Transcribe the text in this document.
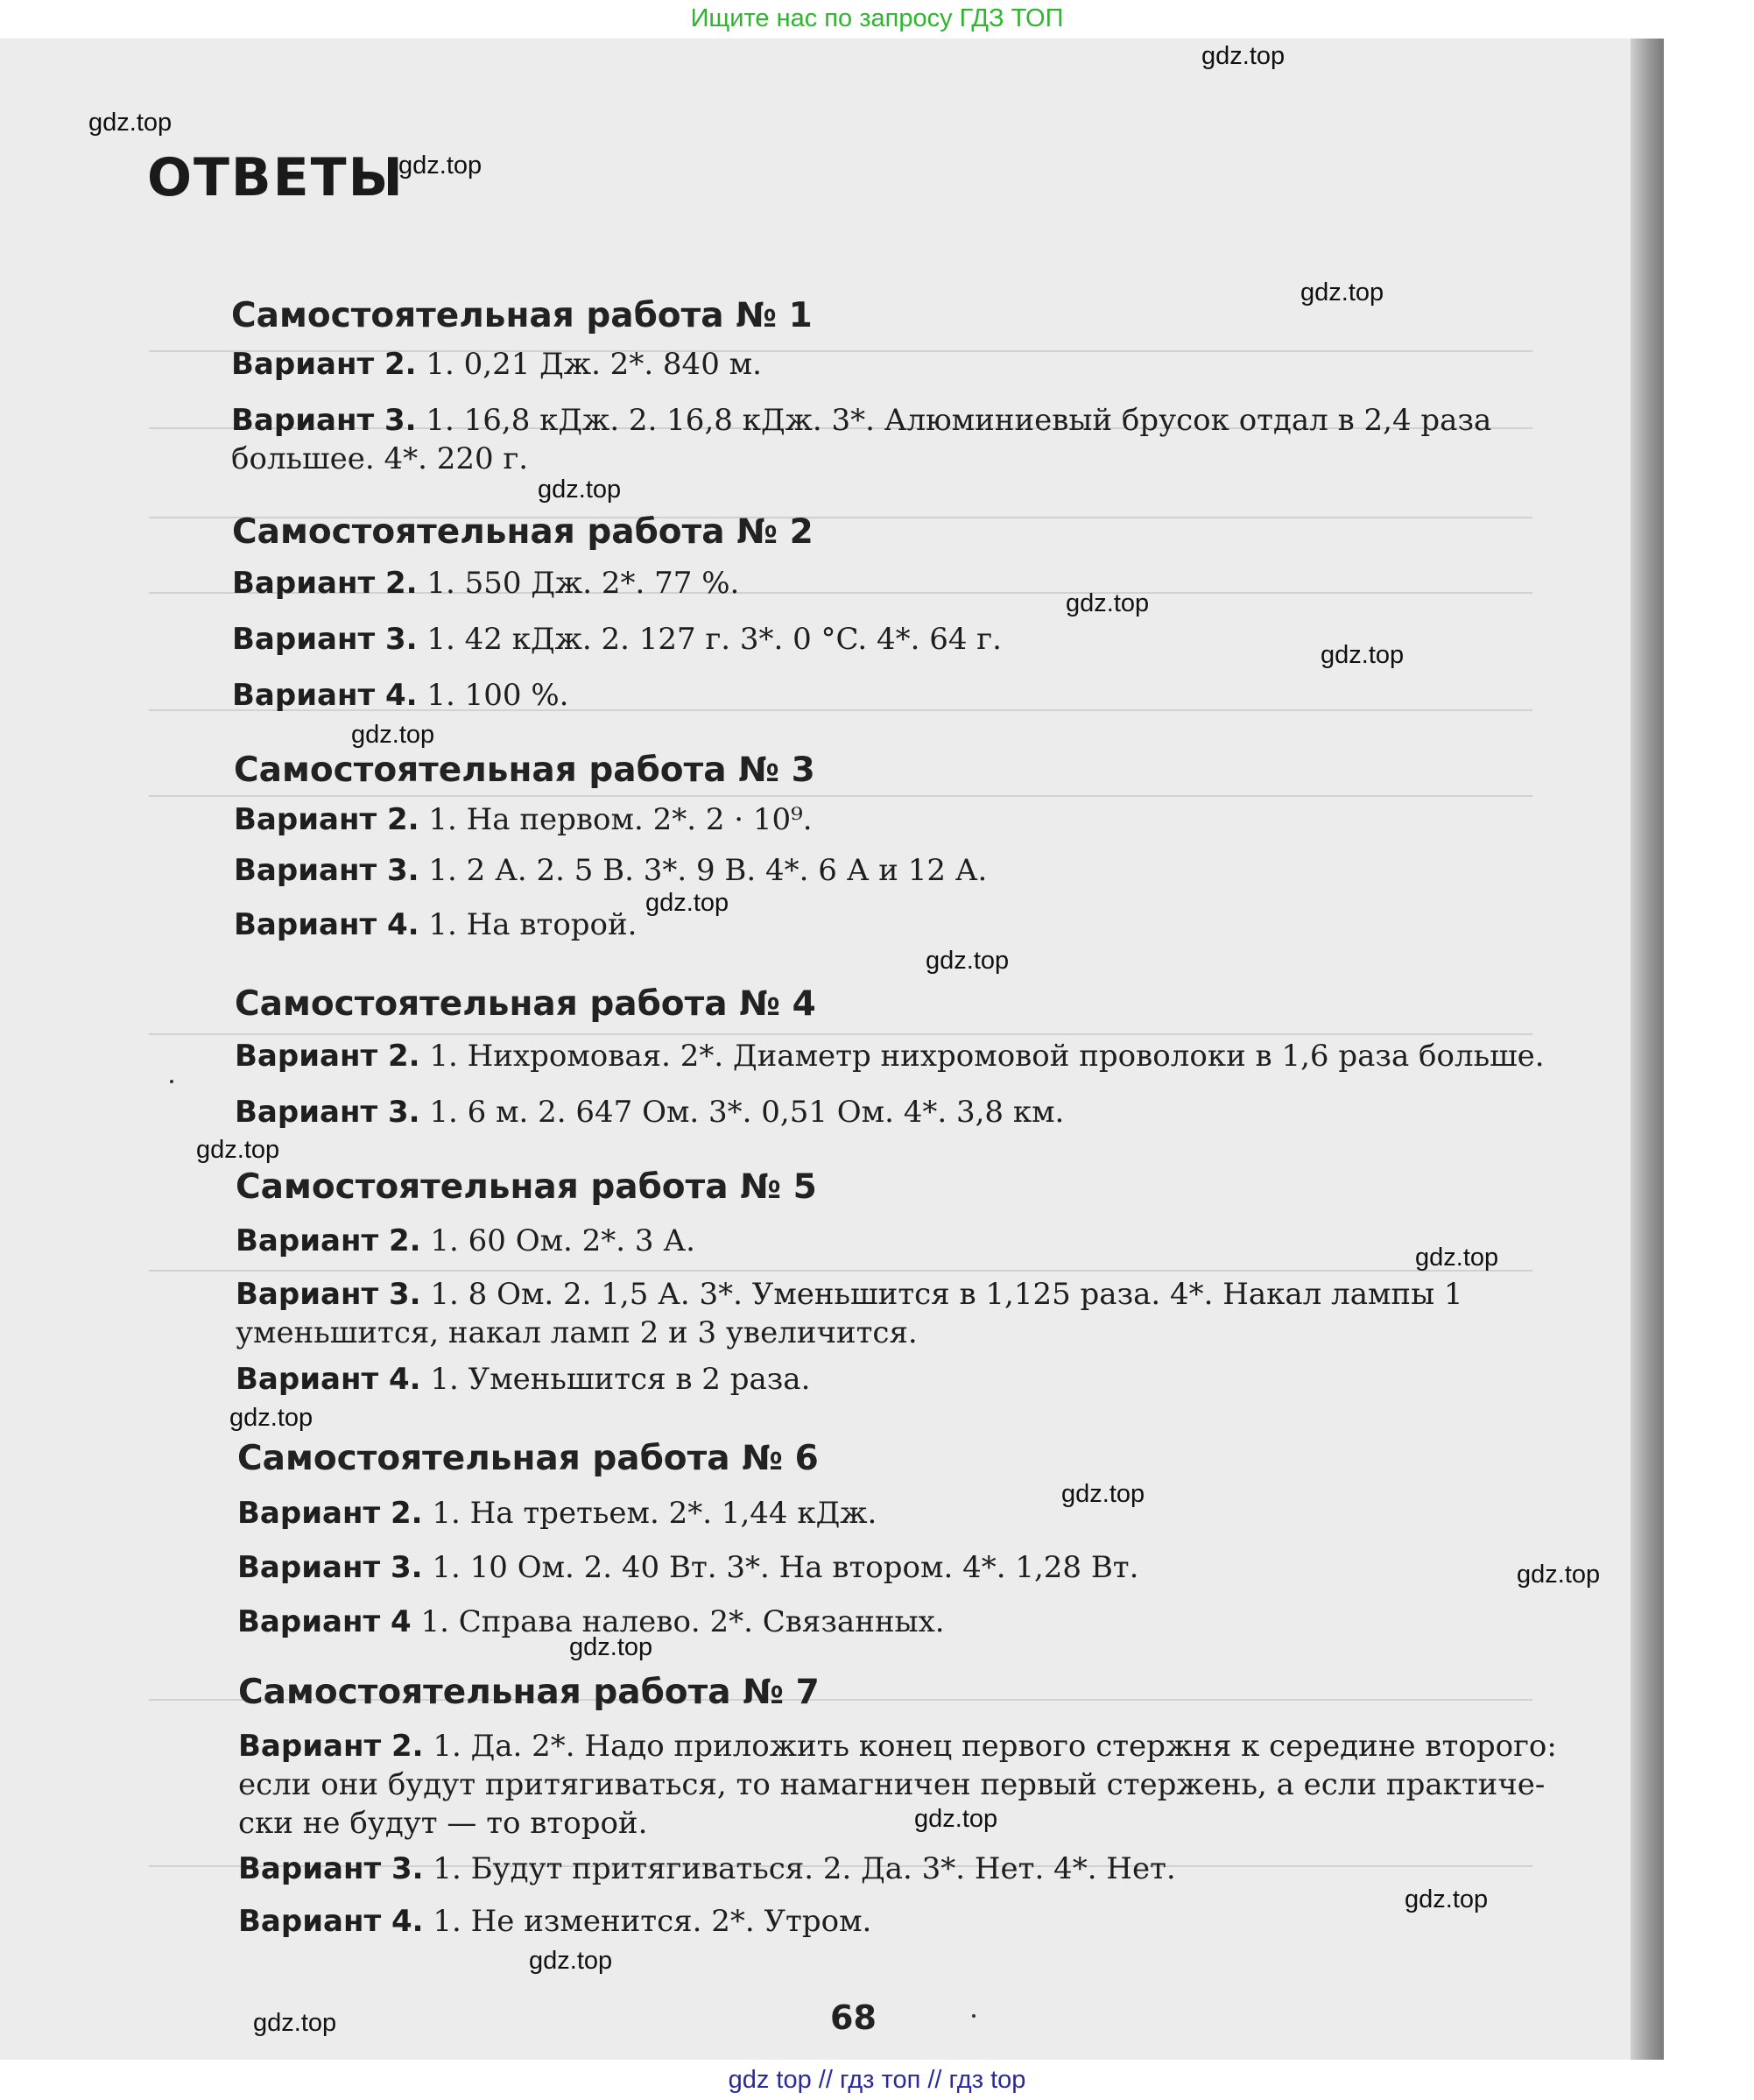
Ищите нас по запросу ГДЗ ТОП
ОТВЕТЫ
Самостоятельная работа № 1
Вариант 2. 1. 0,21 Дж. 2*. 840 м.
Вариант 3. 1. 16,8 кДж. 2. 16,8 кДж. 3*. Алюминиевый брусок отдал в 2,4 раза
большее. 4*. 220 г.
Самостоятельная работа № 2
Вариант 2. 1. 550 Дж. 2*. 77 %.
Вариант 3. 1. 42 кДж. 2. 127 г. 3*. 0 °C. 4*. 64 г.
Вариант 4. 1. 100 %.
Самостоятельная работа № 3
Вариант 2. 1. На первом. 2*. 2 · 10⁹.
Вариант 3. 1. 2 А. 2. 5 В. 3*. 9 В. 4*. 6 А и 12 А.
Вариант 4. 1. На второй.
Самостоятельная работа № 4
Вариант 2. 1. Нихромовая. 2*. Диаметр нихромовой проволоки в 1,6 раза больше.
Вариант 3. 1. 6 м. 2. 647 Ом. 3*. 0,51 Ом. 4*. 3,8 км.
Самостоятельная работа № 5
Вариант 2. 1. 60 Ом. 2*. 3 А.
Вариант 3. 1. 8 Ом. 2. 1,5 А. 3*. Уменьшится в 1,125 раза. 4*. Накал лампы 1
уменьшится, накал ламп 2 и 3 увеличится.
Вариант 4. 1. Уменьшится в 2 раза.
Самостоятельная работа № 6
Вариант 2. 1. На третьем. 2*. 1,44 кДж.
Вариант 3. 1. 10 Ом. 2. 40 Вт. 3*. На втором. 4*. 1,28 Вт.
Вариант 4 1. Справа налево. 2*. Связанных.
Самостоятельная работа № 7
Вариант 2. 1. Да. 2*. Надо приложить конец первого стержня к середине второго:
если они будут притягиваться, то намагничен первый стержень, а если практиче-
ски не будут — то второй.
Вариант 3. 1. Будут притягиваться. 2. Да. 3*. Нет. 4*. Нет.
Вариант 4. 1. Не изменится. 2*. Утром.
68
gdz.top
gdz.top
gdz.top
gdz.top
gdz.top
gdz.top
gdz.top
gdz.top
gdz.top
gdz.top
gdz.top
gdz.top
gdz.top
gdz.top
gdz.top
gdz.top
gdz.top
gdz.top
gdz.top
gdz.top
gdz top // гдз топ // гдз top
